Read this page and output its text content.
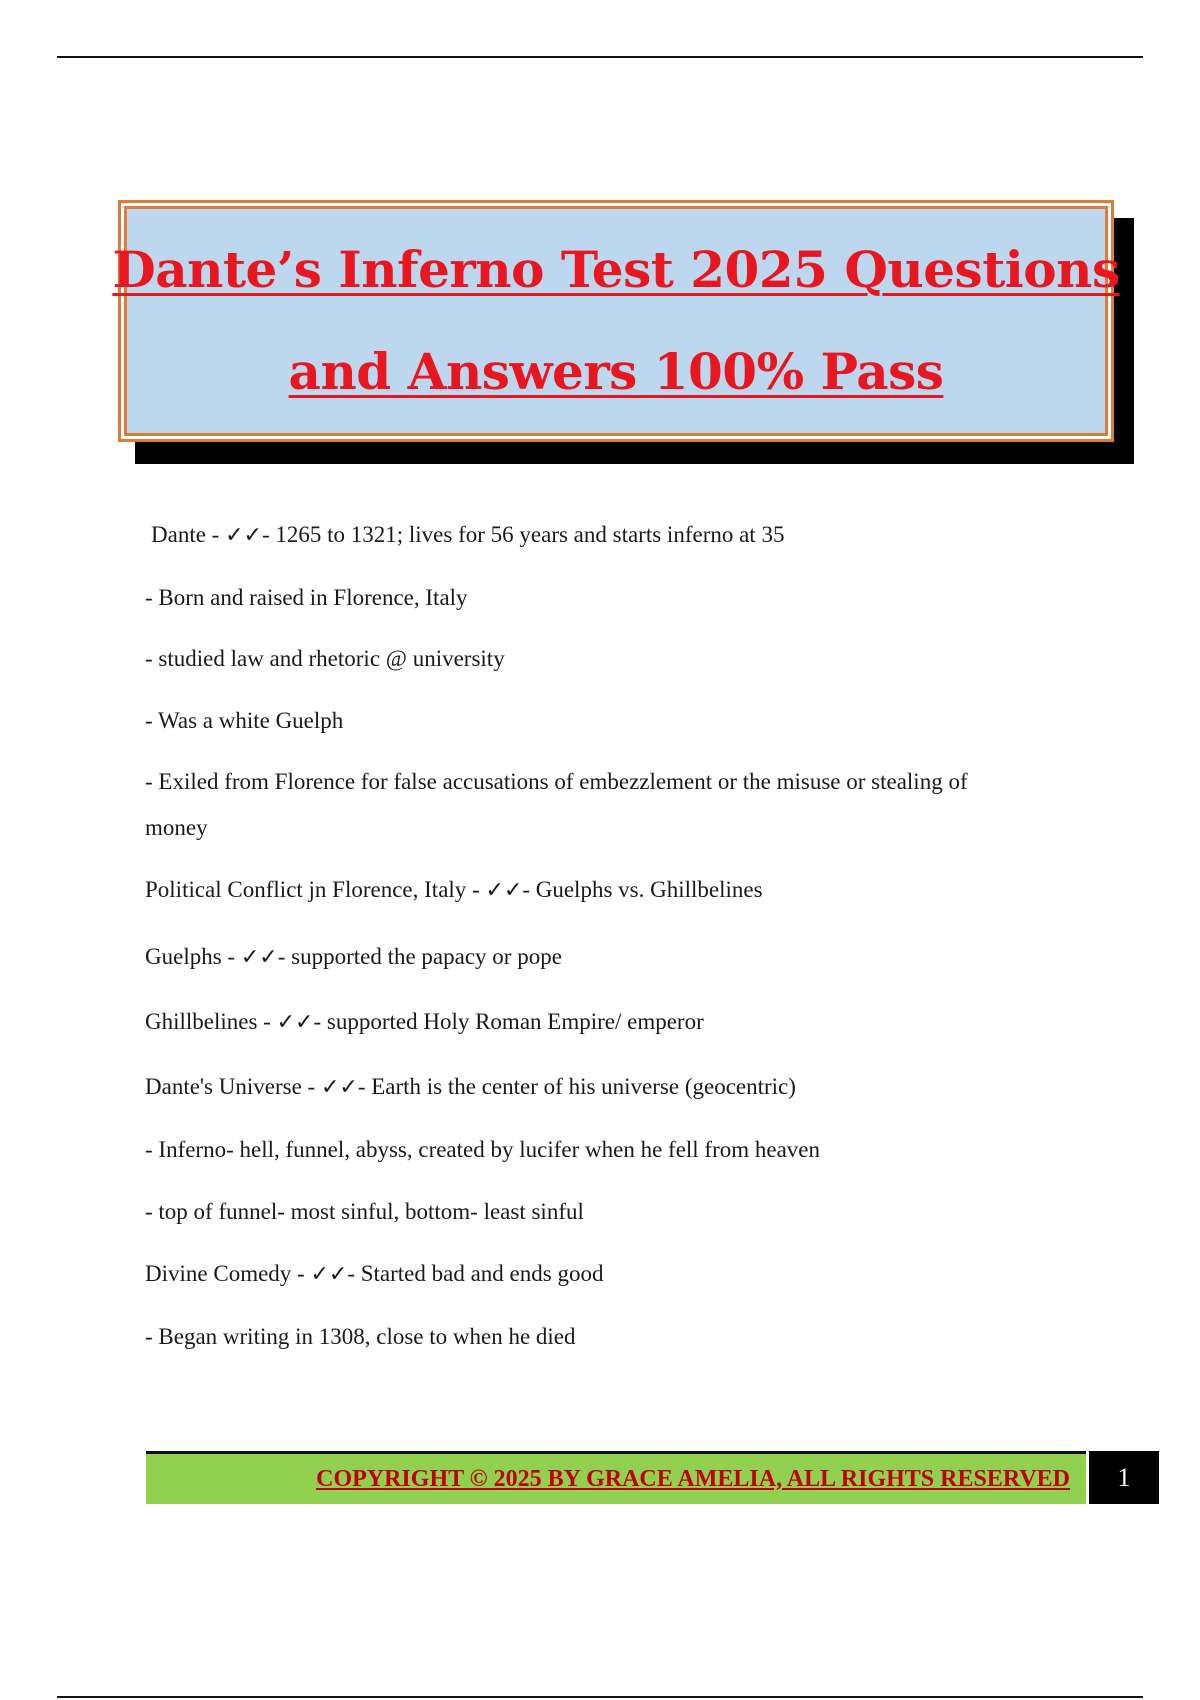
Dante’s Inferno Test 2025 Questions
and Answers 100% Pass
Dante - ✓✓- 1265 to 1321; lives for 56 years and starts inferno at 35
- Born and raised in Florence, Italy
- studied law and rhetoric @ university
- Was a white Guelph
- Exiled from Florence for false accusations of embezzlement or the misuse or stealing of
money
Political Conflict jn Florence, Italy - ✓✓- Guelphs vs. Ghillbelines
Guelphs - ✓✓- supported the papacy or pope
Ghillbelines - ✓✓- supported Holy Roman Empire/ emperor
Dante's Universe - ✓✓- Earth is the center of his universe (geocentric)
- Inferno- hell, funnel, abyss, created by lucifer when he fell from heaven
- top of funnel- most sinful, bottom- least sinful
Divine Comedy - ✓✓- Started bad and ends good
- Began writing in 1308, close to when he died
COPYRIGHT © 2025 BY GRACE AMELIA, ALL RIGHTS RESERVED	1
